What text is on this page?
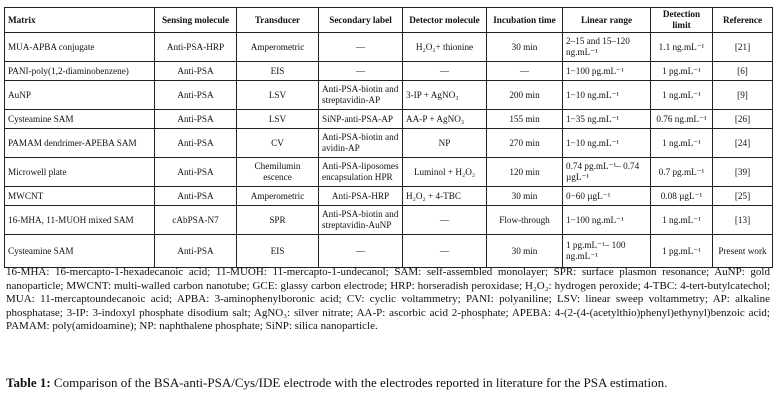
Matrix	Sensing molecule	Transducer	Secondary label	Detector molecule	Incubation time	Linear range	Detection limit	Reference
MUA-APBA conjugate	Anti-PSA-HRP	Amperometric	—	H₂O₂+ thionine	30 min	2–15 and 15–120 ng.mL⁻¹	1.1 ng.mL⁻¹	[21]
PANI-poly(1,2-diaminobenzene)	Anti-PSA	EIS	—	—	—	1−100 pg.mL⁻¹	1 pg.mL⁻¹	[6]
AuNP	Anti-PSA	LSV	Anti-PSA-biotin and streptavidin-AP	3-IP + AgNO₃	200 min	1−10 ng.mL⁻¹	1 ng.mL⁻¹	[9]
Cysteamine SAM	Anti-PSA	LSV	SiNP-anti-PSA-AP	AA-P + AgNO₃	155 min	1−35 ng.mL⁻¹	0.76 ng.mL⁻¹	[26]
PAMAM dendrimer-APEBA SAM	Anti-PSA	CV	Anti-PSA-biotin and avidin-AP	NP	270 min	1−10 ng.mL⁻¹	1 ng.mL⁻¹	[24]
Microwell plate	Anti-PSA	Chemilumin escence	Anti-PSA-liposomes encapsulation HPR	Luminol + H₂O₂	120 min	0.74 pg.mL⁻¹– 0.74 µgL⁻¹	0.7 pg.mL⁻¹	[39]
MWCNT	Anti-PSA	Amperometric	Anti-PSA-HRP	H₂O₂ + 4-TBC	30 min	0−60 µgL⁻¹	0.08 µgL⁻¹	[25]
16-MHA, 11-MUOH mixed SAM	cAbPSA-N7	SPR	Anti-PSA-biotin and streptavidin-AuNP	—	Flow-through	1−100 ng.mL⁻¹	1 ng.mL⁻¹	[13]
Cysteamine SAM	Anti-PSA	EIS	—	—	30 min	1 pg.mL⁻¹– 100 ng.mL⁻¹	1 pg.mL⁻¹	Present work
16-MHA: 16-mercapto-1-hexadecanoic acid; 11-MUOH: 11-mercapto-1-undecanol; SAM: self-assembled monolayer; SPR: surface plasmon resonance; AuNP: gold nanoparticle; MWCNT: multi-walled carbon nanotube; GCE: glassy carbon electrode; HRP: horseradish peroxidase; H₂O₂: hydrogen peroxide; 4-TBC: 4-tert-butylcatechol; MUA: 11-mercaptoundecanoic acid; APBA: 3-aminophenylboronic acid; CV: cyclic voltammetry; PANI: polyaniline; LSV: linear sweep voltammetry; AP: alkaline phosphatase; 3-IP: 3-indoxyl phosphate disodium salt; AgNO₃: silver nitrate; AA-P: ascorbic acid 2-phosphate; APEBA: 4-(2-(4-(acetylthio)phenyl)ethynyl)benzoic acid; PAMAM: poly(amidoamine); NP: naphthalene phosphate; SiNP: silica nanoparticle.
Table 1: Comparison of the BSA-anti-PSA/Cys/IDE electrode with the electrodes reported in literature for the PSA estimation.
